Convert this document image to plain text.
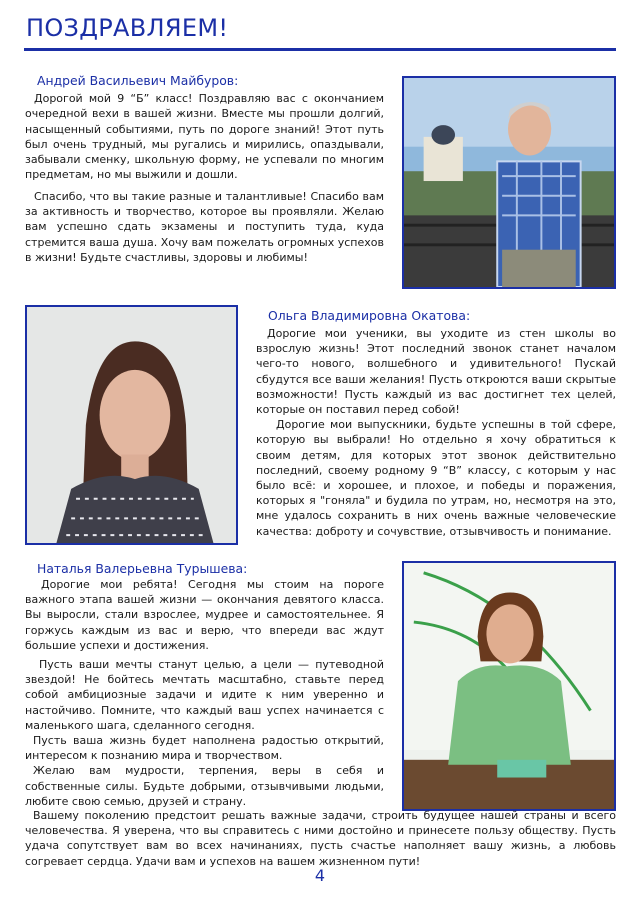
ПОЗДРАВЛЯЕМ!
Андрей Васильевич Майбуров:

Дорогой мой 9 “Б” класс! Поздравляю вас с окончанием очередной вехи в вашей жизни. Вместе мы прошли долгий, насыщенный событиями, путь по дороге знаний! Этот путь был очень трудный, мы ругались и мирились, опаздывали, забывали сменку, школьную форму, не успевали по многим предметам, но мы выжили и дошли.

Спасибо, что вы такие разные и талантливые! Спасибо вам за активность и творчество, которое вы проявляли. Желаю вам успешно сдать экзамены и поступить туда, куда стремится ваша душа. Хочу вам пожелать огромных успехов в жизни! Будьте счастливы, здоровы и любимы!

Ольга Владимировна Окатова:

Дорогие мои ученики, вы уходите из стен школы во взрослую жизнь! Этот последний звонок станет началом чего-то нового, волшебного и удивительного! Пускай сбудутся все ваши желания! Пусть откроются ваши скрытые возможности! Пусть каждый из вас достигнет тех целей, которые он поставил перед собой!

Дорогие мои выпускники, будьте успешны в той сфере, которую вы выбрали! Но отдельно я хочу обратиться к своим детям, для которых этот звонок действительно последний, своему родному 9 “В” классу, с которым у нас было всё: и хорошее, и плохое, и победы и поражения, которых я "гоняла" и будила по утрам, но, несмотря на это, мне удалось сохранить в них очень важные человеческие качества: доброту и сочувствие, отзывчивость и понимание.

Наталья Валерьевна Турышева:

Дорогие мои ребята! Сегодня мы стоим на пороге важного этапа вашей жизни — окончания девятого класса. Вы выросли, стали взрослее, мудрее и самостоятельнее. Я горжусь каждым из вас и верю, что впереди вас ждут большие успехи и достижения.

Пусть ваши мечты станут целью, а цели — путеводной звездой! Не бойтесь мечтать масштабно, ставьте перед собой амбициозные задачи и идите к ним уверенно и настойчиво. Помните, что каждый ваш успех начинается с маленького шага, сделанного сегодня.

Пусть ваша жизнь будет наполнена радостью открытий, интересом к познанию мира и творчеством.

Желаю вам мудрости, терпения, веры в себя и собственные силы. Будьте добрыми, отзывчивыми людьми, любите свою семью, друзей и страну.

Вашему поколению предстоит решать важные задачи, строить будущее нашей страны и всего человечества. Я уверена, что вы справитесь с ними достойно и принесете пользу обществу. Пусть удача сопутствует вам во всех начинаниях, пусть счастье наполняет вашу жизнь, а любовь согревает сердца. Удачи вам и успехов на вашем жизненном пути!

4
